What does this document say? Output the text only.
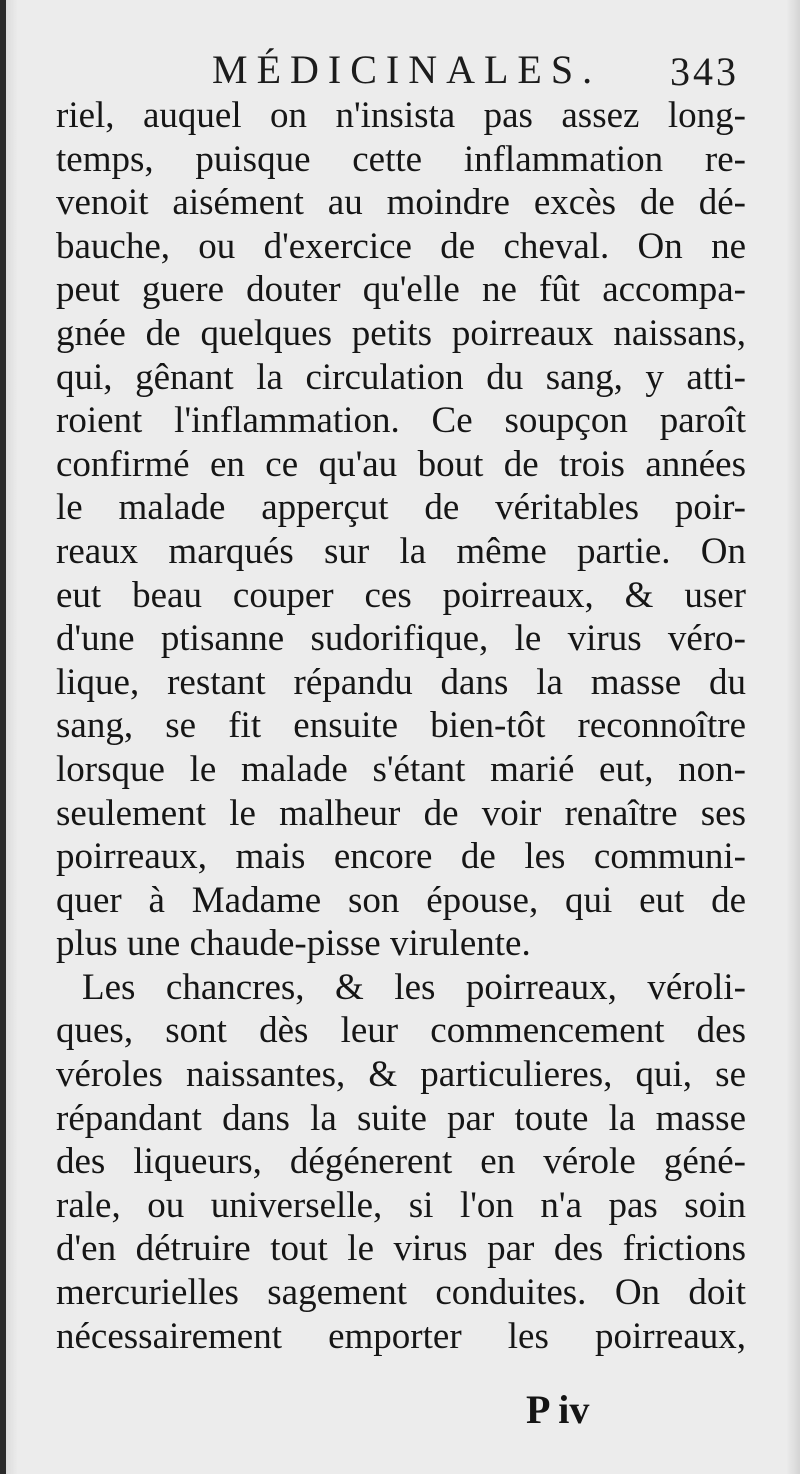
MÉDICINALES. 343
riel, auquel on n'insista pas assez long-
temps, puisque cette inflammation re-
venoit aisément au moindre excès de dé-
bauche, ou d'exercice de cheval. On ne
peut guere douter qu'elle ne fût accompa-
gnée de quelques petits poirreaux naissans,
qui, gênant la circulation du sang, y atti-
roient l'inflammation. Ce soupçon paroît
confirmé en ce qu'au bout de trois années
le malade apperçut de véritables poir-
reaux marqués sur la même partie. On
eut beau couper ces poirreaux, & user
d'une ptisanne sudorifique, le virus véro-
lique, restant répandu dans la masse du
sang, se fit ensuite bien-tôt reconnoître
lorsque le malade s'étant marié eut, non-
seulement le malheur de voir renaître ses
poirreaux, mais encore de les communi-
quer à Madame son épouse, qui eut de
plus une chaude-pisse virulente.
Les chancres, & les poirreaux, véroli-
ques, sont dès leur commencement des
véroles naissantes, & particulieres, qui, se
répandant dans la suite par toute la masse
des liqueurs, dégénerent en vérole géné-
rale, ou universelle, si l'on n'a pas soin
d'en détruire tout le virus par des frictions
mercurielles sagement conduites. On doit
nécessairement emporter les poirreaux,
P iv
